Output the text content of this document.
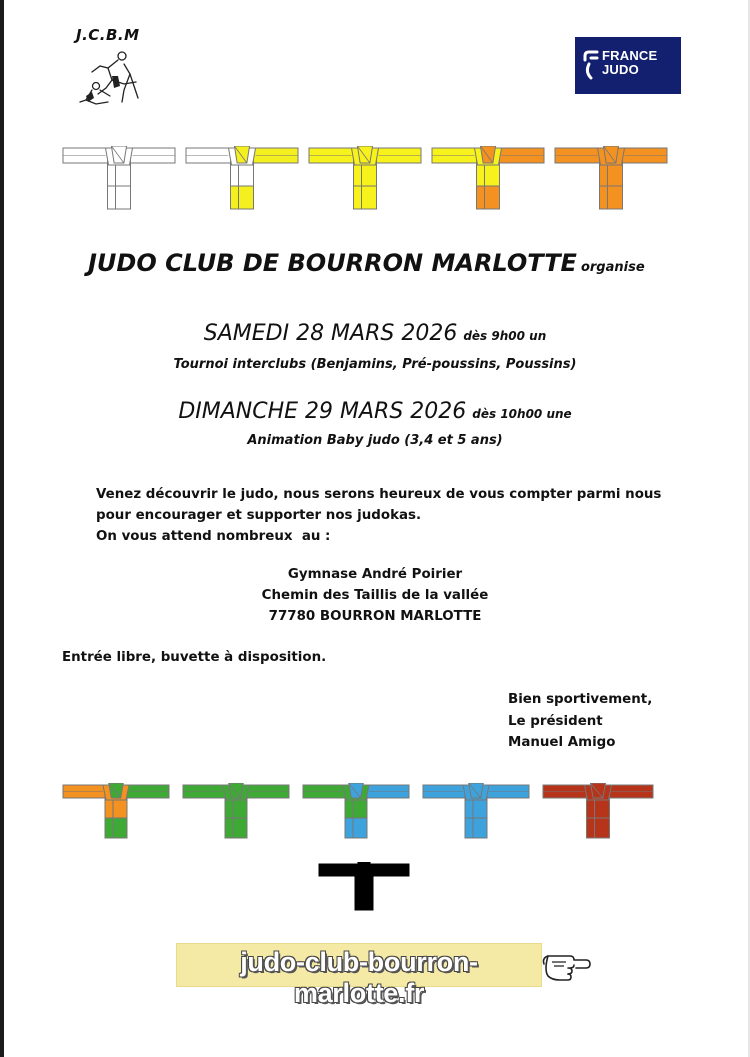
J.C.B.M
FRANCE
JUDO
JUDO CLUB DE BOURRON MARLOTTE organise
SAMEDI 28 MARS 2026 dès 9h00 un
Tournoi interclubs (Benjamins, Pré-poussins, Poussins)
DIMANCHE 29 MARS 2026 dès 10h00 une
Animation Baby judo (3,4 et 5 ans)
Venez découvrir le judo, nous serons heureux de vous compter parmi nous
pour encourager et supporter nos judokas.
On vous attend nombreux  au :
Gymnase André Poirier
Chemin des Taillis de la vallée
77780 BOURRON MARLOTTE
Entrée libre, buvette à disposition.
Bien sportivement,
Le président
Manuel Amigo
judo-club-bourron-marlotte.fr
